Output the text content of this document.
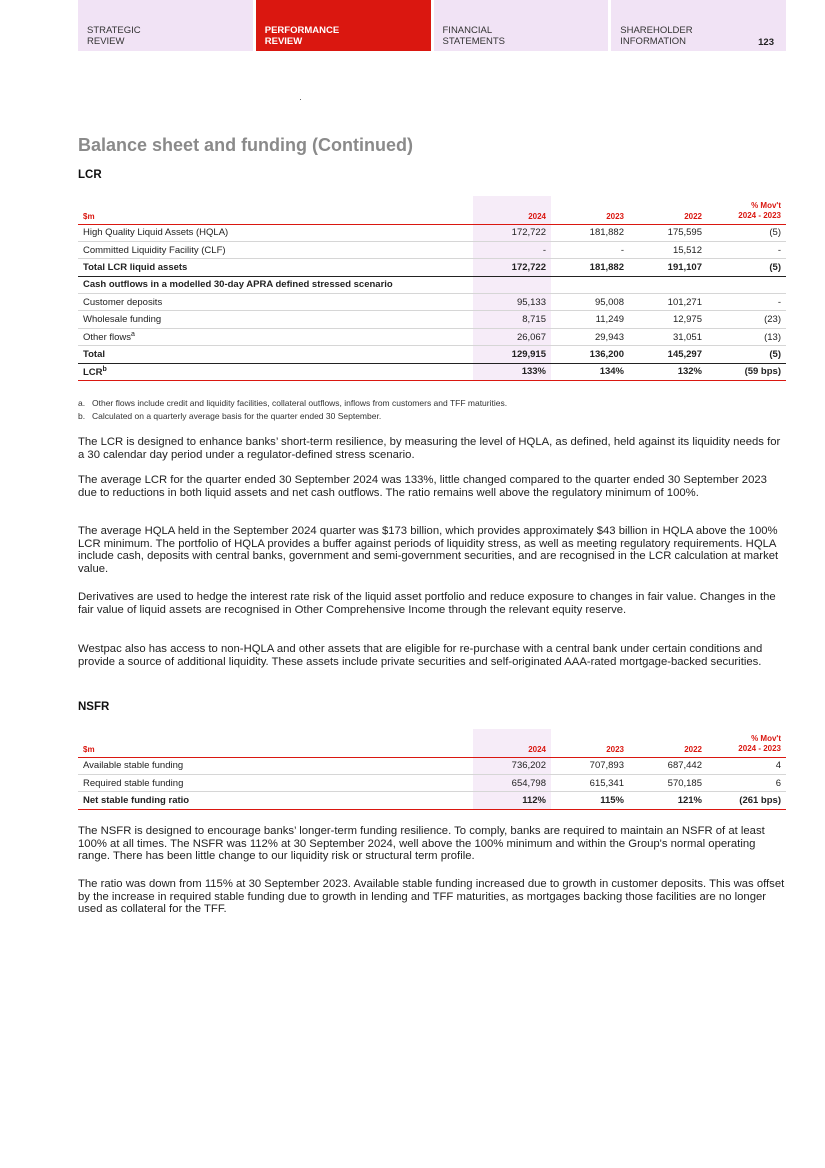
STRATEGIC
REVIEW
PERFORMANCE
REVIEW
FINANCIAL
STATEMENTS
SHAREHOLDER
INFORMATION	123
Balance sheet and funding (Continued)
LCR
$m	2024	2023	2022	% Mov't
2024 - 2023

High Quality Liquid Assets (HQLA)	172,722	181,882	175,595	(5)
Committed Liquidity Facility (CLF)	-	-	15,512	-
Total LCR liquid assets	172,722	181,882	191,107	(5)
Cash outflows in a modelled 30-day APRA defined stressed scenario				
Customer deposits	95,133	95,008	101,271	-
Wholesale funding	8,715	11,249	12,975	(23)
Other flows$^a$	26,067	29,943	31,051	(13)
Total	129,915	136,200	145,297	(5)
LCR$^b$	133%	134%	132%	(59 bps)
a. Other flows include credit and liquidity facilities, collateral outflows, inflows from customers and TFF maturities.
b. Calculated on a quarterly average basis for the quarter ended 30 September.

The LCR is designed to enhance banks’ short-term resilience, by measuring the level of HQLA, as defined, held against its liquidity needs for a 30 calendar day period under a regulator-defined stress scenario.

The average LCR for the quarter ended 30 September 2024 was 133%, little changed compared to the quarter ended 30 September 2023 due to reductions in both liquid assets and net cash outflows. The ratio remains well above the regulatory minimum of 100%.

The average HQLA held in the September 2024 quarter was $173 billion, which provides approximately $43 billion in HQLA above the 100% LCR minimum. The portfolio of HQLA provides a buffer against periods of liquidity stress, as well as meeting regulatory requirements. HQLA include cash, deposits with central banks, government and semi-government securities, and are recognised in the LCR calculation at market value.

Derivatives are used to hedge the interest rate risk of the liquid asset portfolio and reduce exposure to changes in fair value. Changes in the fair value of liquid assets are recognised in Other Comprehensive Income through the relevant equity reserve.

Westpac also has access to non-HQLA and other assets that are eligible for re-purchase with a central bank under certain conditions and provide a source of additional liquidity. These assets include private securities and self-originated AAA-rated mortgage-backed securities.

NSFR
$m	2024	2023	2022	% Mov't
2024 - 2023

Available stable funding	736,202	707,893	687,442	4
Required stable funding	654,798	615,341	570,185	6
Net stable funding ratio	112%	115%	121%	(261 bps)

The NSFR is designed to encourage banks’ longer-term funding resilience. To comply, banks are required to maintain an NSFR of at least 100% at all times. The NSFR was 112% at 30 September 2024, well above the 100% minimum and within the Group's normal operating range. There has been little change to our liquidity risk or structural term profile.

The ratio was down from 115% at 30 September 2023. Available stable funding increased due to growth in customer deposits. This was offset by the increase in required stable funding due to growth in lending and TFF maturities, as mortgages backing those facilities are no longer used as collateral for the TFF.
